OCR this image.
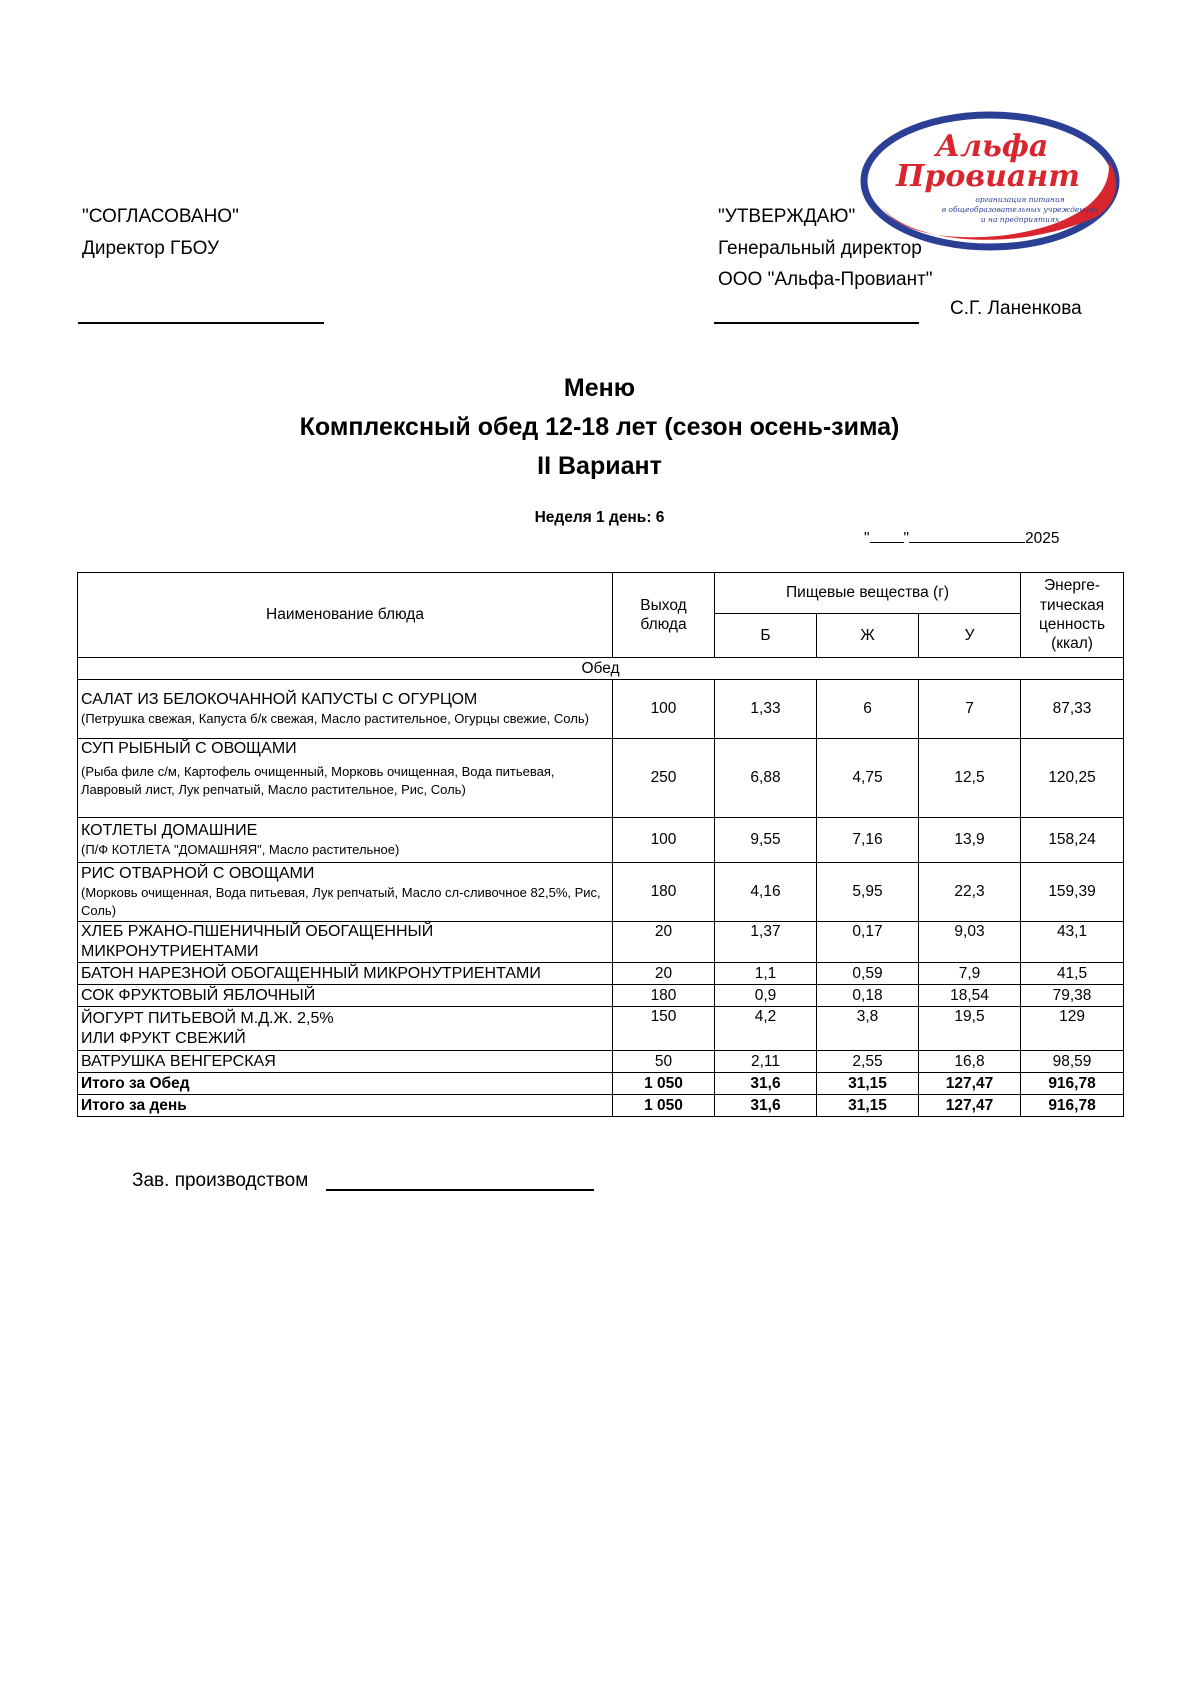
Альфа
Провиант
организация питания
в общеобразовательных учреждениях
и на предприятиях
"СОГЛАСОВАНО"
Директор ГБОУ
"УТВЕРЖДАЮ"
Генеральный директор
ООО "Альфа-Провиант"
С.Г. Ланенкова
Меню
Комплексный обед 12-18 лет (сезон осень-зима)
II Вариант
Неделя 1 день: 6
" "	2025
Наименование блюда	Выход блюда	Пищевые вещества (г)			Энерге-тическая ценность (ккал)
		Б	Ж	У	
Обед					

САЛАТ ИЗ БЕЛОКОЧАННОЙ КАПУСТЫ С ОГУРЦОМ
(Петрушка свежая, Капуста б/к свежая, Масло растительное, Огурцы свежие, Соль)	100	1,33	6	7	87,33

СУП РЫБНЫЙ С ОВОЩАМИ
(Рыба филе с/м, Картофель очищенный, Морковь очищенная, Вода питьевая, Лавровый лист, Лук репчатый, Масло растительное, Рис, Соль)	250	6,88	4,75	12,5	120,25

КОТЛЕТЫ ДОМАШНИЕ
(П/Ф КОТЛЕТА "ДОМАШНЯЯ", Масло растительное)	100	9,55	7,16	13,9	158,24

РИС ОТВАРНОЙ С ОВОЩАМИ
(Морковь очищенная, Вода питьевая, Лук репчатый, Масло сл-сливочное 82,5%, Рис, Соль)	180	4,16	5,95	22,3	159,39

ХЛЕБ РЖАНО-ПШЕНИЧНЫЙ ОБОГАЩЕННЫЙ МИКРОНУТРИЕНТАМИ	20	1,37	0,17	9,03	43,1

БАТОН НАРЕЗНОЙ ОБОГАЩЕННЫЙ МИКРОНУТРИЕНТАМИ	20	1,1	0,59	7,9	41,5

СОК ФРУКТОВЫЙ ЯБЛОЧНЫЙ	180	0,9	0,18	18,54	79,38

ЙОГУРТ ПИТЬЕВОЙ М.Д.Ж. 2,5%
ИЛИ ФРУКТ СВЕЖИЙ	150	4,2	3,8	19,5	129

ВАТРУШКА ВЕНГЕРСКАЯ	50	2,11	2,55	16,8	98,59
Итого за Обед	1 050	31,6	31,15	127,47	916,78
Итого за день	1 050	31,6	31,15	127,47	916,78
Зав. производством
